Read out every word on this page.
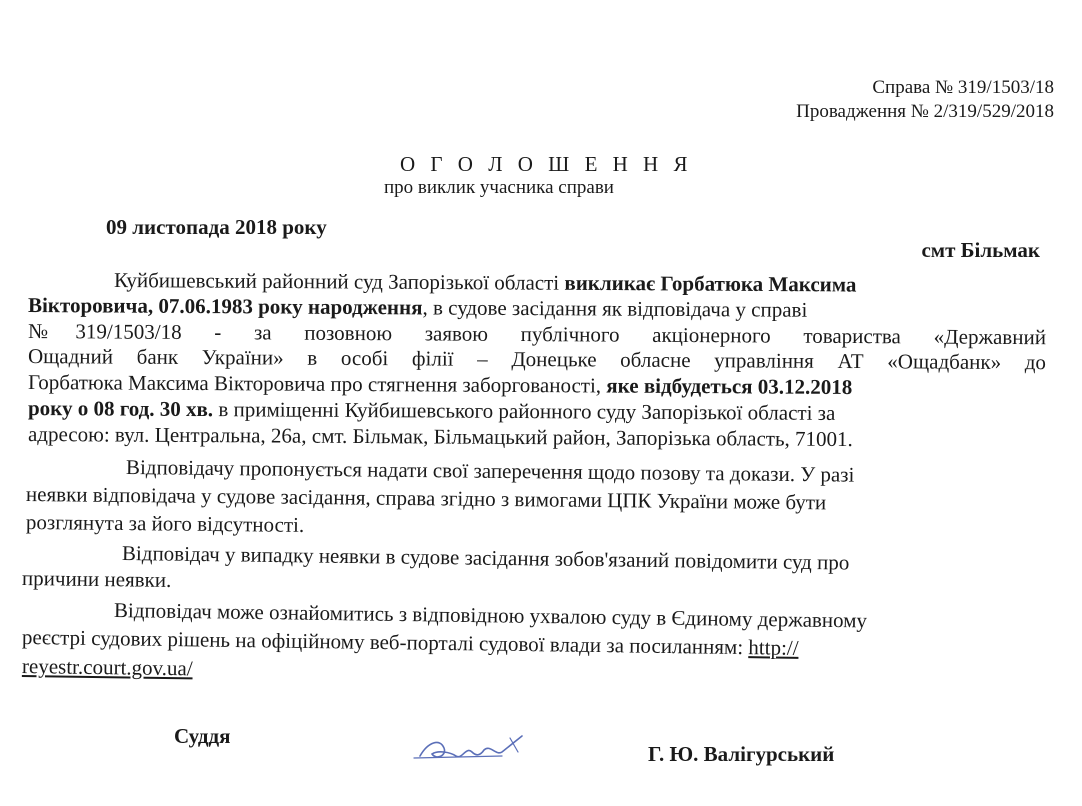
Справа № 319/1503/18
Провадження № 2/319/529/2018
О Г О Л О Ш Е Н Н Я
про виклик учасника справи
09 листопада 2018 року
смт Більмак
Куйбишевський районний суд Запорізької області викликає Горбатюка Максима
Вікторовича, 07.06.1983 року народження, в судове засідання як відповідача у справі
№319/1503/18 - за позовною заявою публічного акціонерного товариства «Державний
Ощадний банк України» в особі філії – Донецьке обласне управління АТ «Ощадбанк» до
Горбатюка Максима Вікторовича про стягнення заборгованості, яке відбудеться 03.12.2018
року о 08 год. 30 хв. в приміщенні Куйбишевського районного суду Запорізької області за
адресою: вул. Центральна, 26а, смт. Більмак, Більмацький район, Запорізька область, 71001.
Відповідачу пропонується надати свої заперечення щодо позову та докази. У разі
неявки відповідача у судове засідання, справа згідно з вимогами ЦПК України може бути
розглянута за його відсутності.
Відповідач у випадку неявки в судове засідання зобов'язаний повідомити суд про
причини неявки.
Відповідач може ознайомитись з відповідною ухвалою суду в Єдиному державному
реєстрі судових рішень на офіційному веб-порталі судової влади за посиланням: http://
reyestr.court.gov.ua/
Суддя
Г. Ю. Валігурський
